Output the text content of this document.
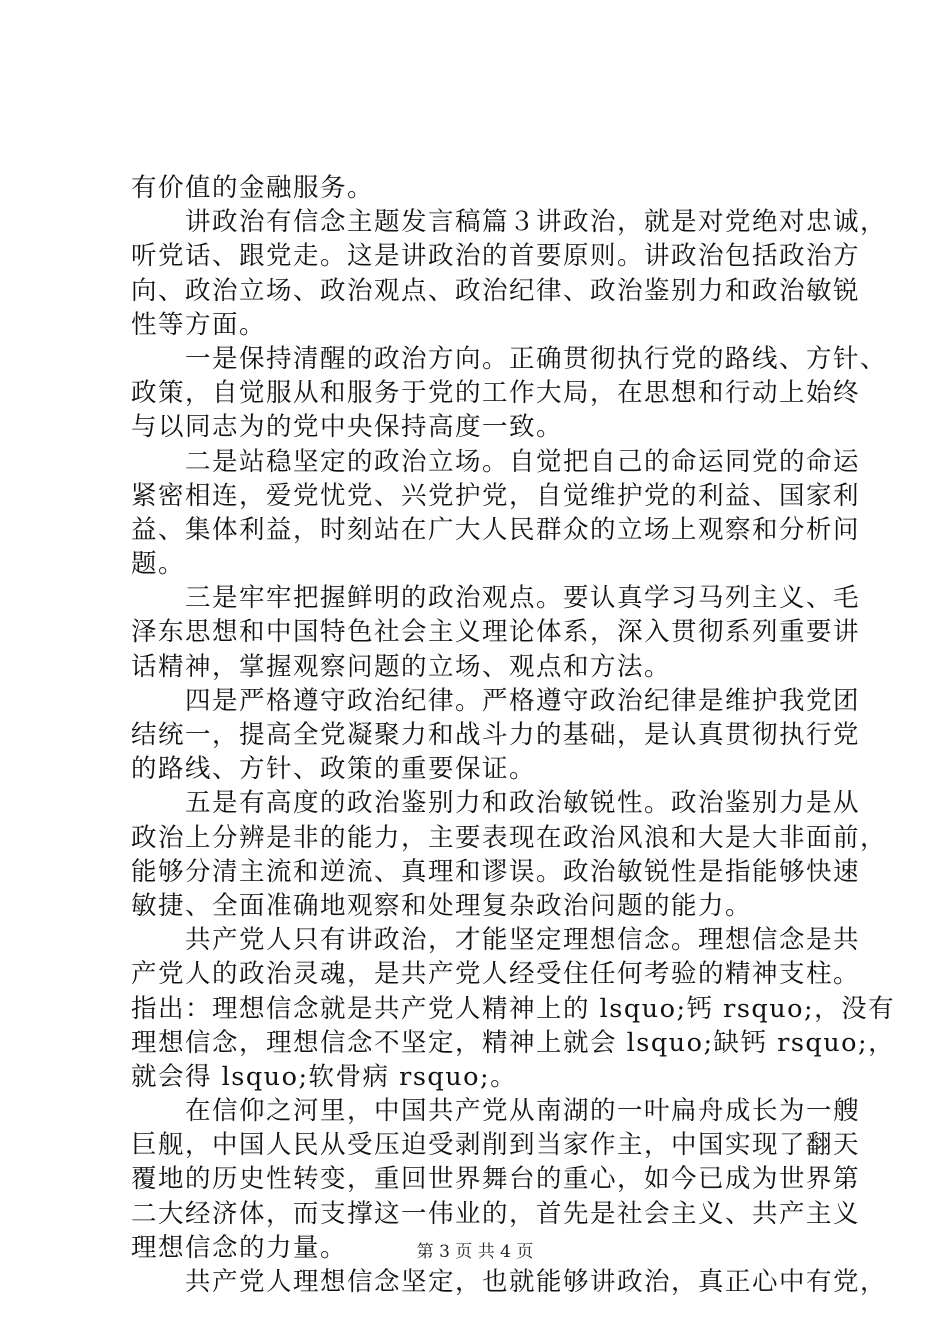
有价值的金融服务。
　　讲政治有信念主题发言稿篇３讲政治，就是对党绝对忠诚，
听党话、跟党走。这是讲政治的首要原则。讲政治包括政治方
向、政治立场、政治观点、政治纪律、政治鉴别力和政治敏锐
性等方面。
　　一是保持清醒的政治方向。正确贯彻执行党的路线、方针、
政策，自觉服从和服务于党的工作大局，在思想和行动上始终
与以同志为的党中央保持高度一致。
　　二是站稳坚定的政治立场。自觉把自己的命运同党的命运
紧密相连，爱党忧党、兴党护党，自觉维护党的利益、国家利
益、集体利益，时刻站在广大人民群众的立场上观察和分析问
题。
　　三是牢牢把握鲜明的政治观点。要认真学习马列主义、毛
泽东思想和中国特色社会主义理论体系，深入贯彻系列重要讲
话精神，掌握观察问题的立场、观点和方法。
　　四是严格遵守政治纪律。严格遵守政治纪律是维护我党团
结统一，提高全党凝聚力和战斗力的基础，是认真贯彻执行党
的路线、方针、政策的重要保证。
　　五是有高度的政治鉴别力和政治敏锐性。政治鉴别力是从
政治上分辨是非的能力，主要表现在政治风浪和大是大非面前，
能够分清主流和逆流、真理和谬误。政治敏锐性是指能够快速
敏捷、全面准确地观察和处理复杂政治问题的能力。
　　共产党人只有讲政治，才能坚定理想信念。理想信念是共
产党人的政治灵魂，是共产党人经受住任何考验的精神支柱。
指出：理想信念就是共产党人精神上的 lsquo;钙 rsquo;，没有
理想信念，理想信念不坚定，精神上就会 lsquo;缺钙 rsquo;，
就会得 lsquo;软骨病 rsquo;。
　　在信仰之河里，中国共产党从南湖的一叶扁舟成长为一艘
巨舰，中国人民从受压迫受剥削到当家作主，中国实现了翻天
覆地的历史性转变，重回世界舞台的重心，如今已成为世界第
二大经济体，而支撑这一伟业的，首先是社会主义、共产主义
理想信念的力量。
　　共产党人理想信念坚定，也就能够讲政治，真正心中有党，
第 3 页 共 4 页
